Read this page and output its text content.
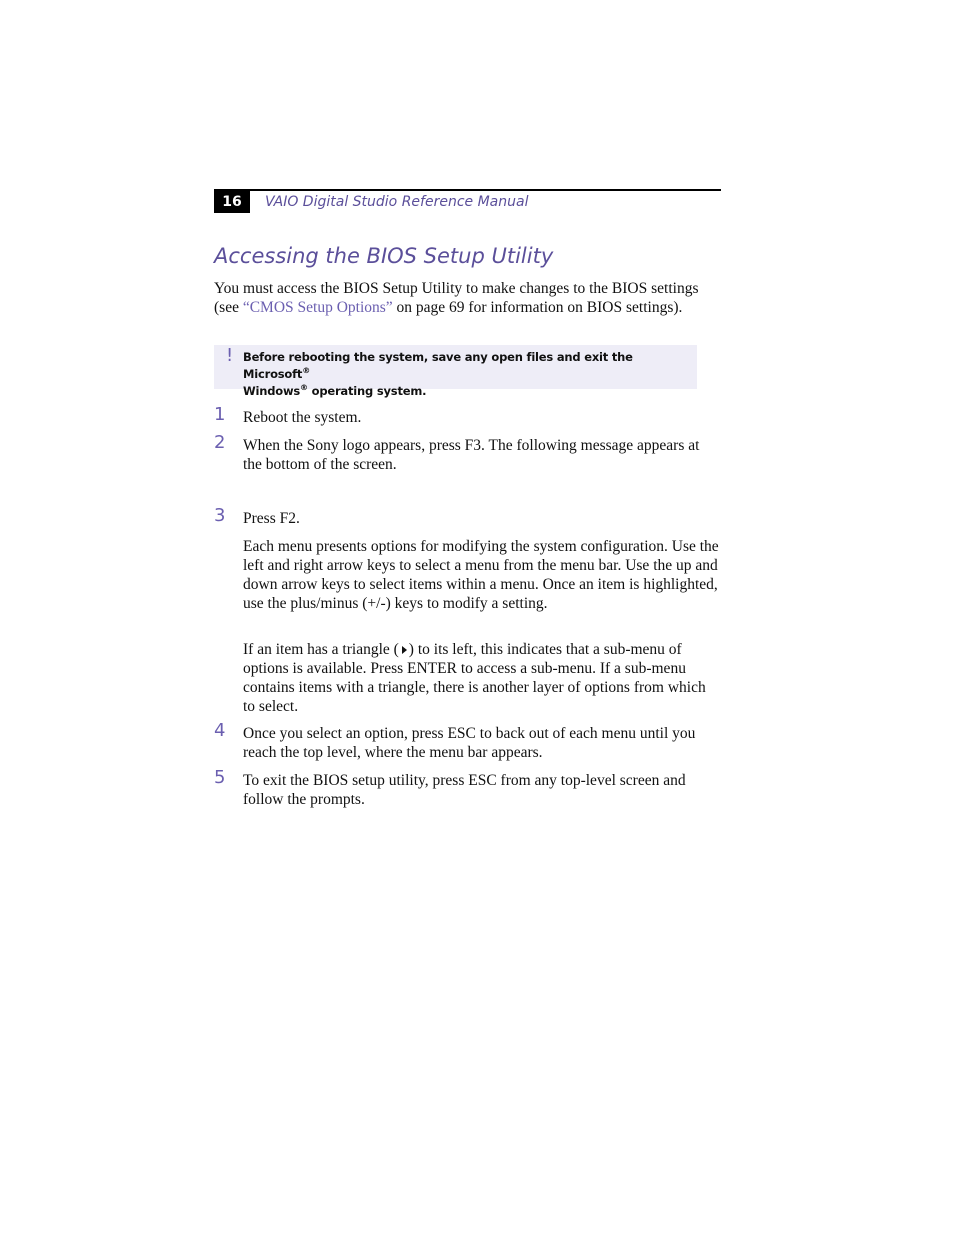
16	VAIO Digital Studio Reference Manual
Accessing the BIOS Setup Utility

You must access the BIOS Setup Utility to make changes to the BIOS settings (see “CMOS Setup Options” on page 69 for information on BIOS settings).

! Before rebooting the system, save any open files and exit the Microsoft®
Windows® operating system.

1 Reboot the system.

2 When the Sony logo appears, press F3. The following message appears at the bottom of the screen.

3 Press F2.

Each menu presents options for modifying the system configuration. Use the left and right arrow keys to select a menu from the menu bar. Use the up and down arrow keys to select items within a menu. Once an item is highlighted, use the plus/minus (+/-) keys to modify a setting.

If an item has a triangle ( ) to its left, this indicates that a sub-menu of options is available. Press ENTER to access a sub-menu. If a sub-menu contains items with a triangle, there is another layer of options from which to select.

4 Once you select an option, press ESC to back out of each menu until you reach the top level, where the menu bar appears.

5 To exit the BIOS setup utility, press ESC from any top-level screen and follow the prompts.
